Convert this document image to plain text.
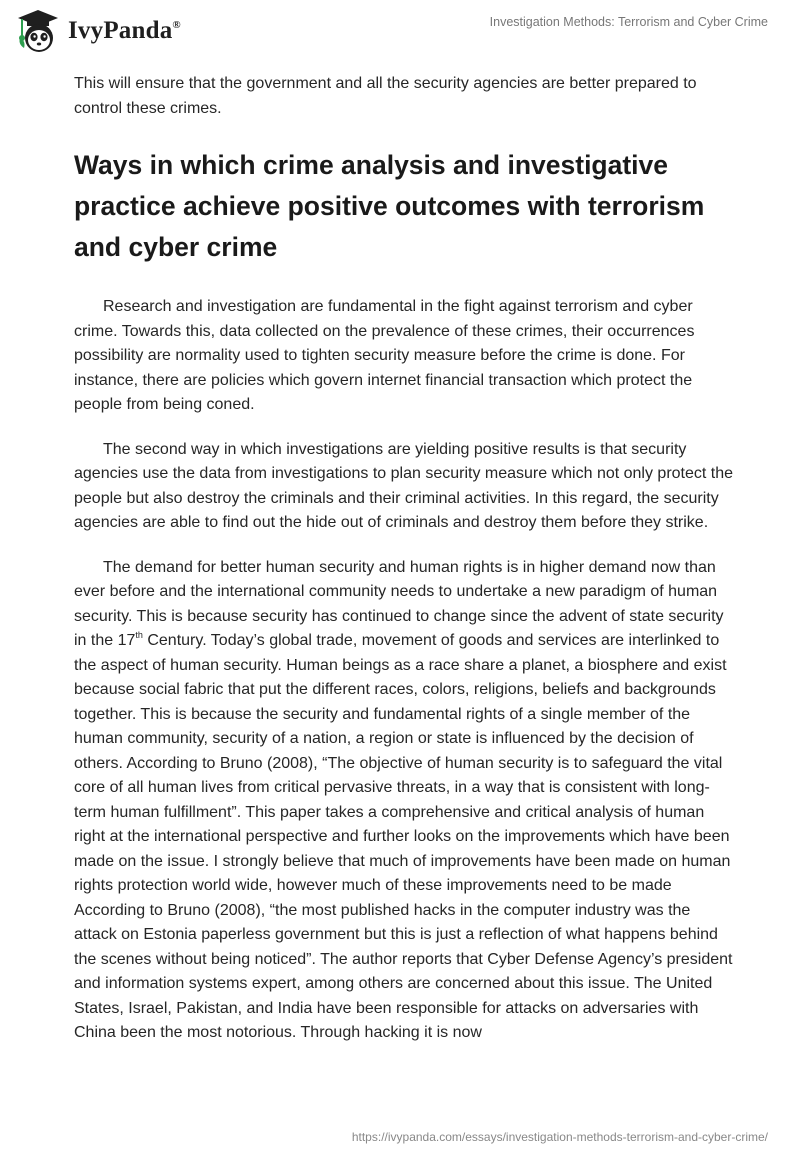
IvyPanda®	Investigation Methods: Terrorism and Cyber Crime

This will ensure that the government and all the security agencies are better prepared to control these crimes.

Ways in which crime analysis and investigative practice achieve positive outcomes with terrorism and cyber crime

Research and investigation are fundamental in the fight against terrorism and cyber crime. Towards this, data collected on the prevalence of these crimes, their occurrences possibility are normality used to tighten security measure before the crime is done. For instance, there are policies which govern internet financial transaction which protect the people from being coned.

The second way in which investigations are yielding positive results is that security agencies use the data from investigations to plan security measure which not only protect the people but also destroy the criminals and their criminal activities. In this regard, the security agencies are able to find out the hide out of criminals and destroy them before they strike.

The demand for better human security and human rights is in higher demand now than ever before and the international community needs to undertake a new paradigm of human security. This is because security has continued to change since the advent of state security in the 17th Century. Today’s global trade, movement of goods and services are interlinked to the aspect of human security. Human beings as a race share a planet, a biosphere and exist because social fabric that put the different races, colors, religions, beliefs and backgrounds together. This is because the security and fundamental rights of a single member of the human community, security of a nation, a region or state is influenced by the decision of others. According to Bruno (2008), “The objective of human security is to safeguard the vital core of all human lives from critical pervasive threats, in a way that is consistent with long-term human fulfillment”. This paper takes a comprehensive and critical analysis of human right at the international perspective and further looks on the improvements which have been made on the issue. I strongly believe that much of improvements have been made on human rights protection world wide, however much of these improvements need to be made According to Bruno (2008), “the most published hacks in the computer industry was the attack on Estonia paperless government but this is just a reflection of what happens behind the scenes without being noticed”. The author reports that Cyber Defense Agency’s president and information systems expert, among others are concerned about this issue. The United States, Israel, Pakistan, and India have been responsible for attacks on adversaries with China been the most notorious. Through hacking it is now

https://ivypanda.com/essays/investigation-methods-terrorism-and-cyber-crime/
